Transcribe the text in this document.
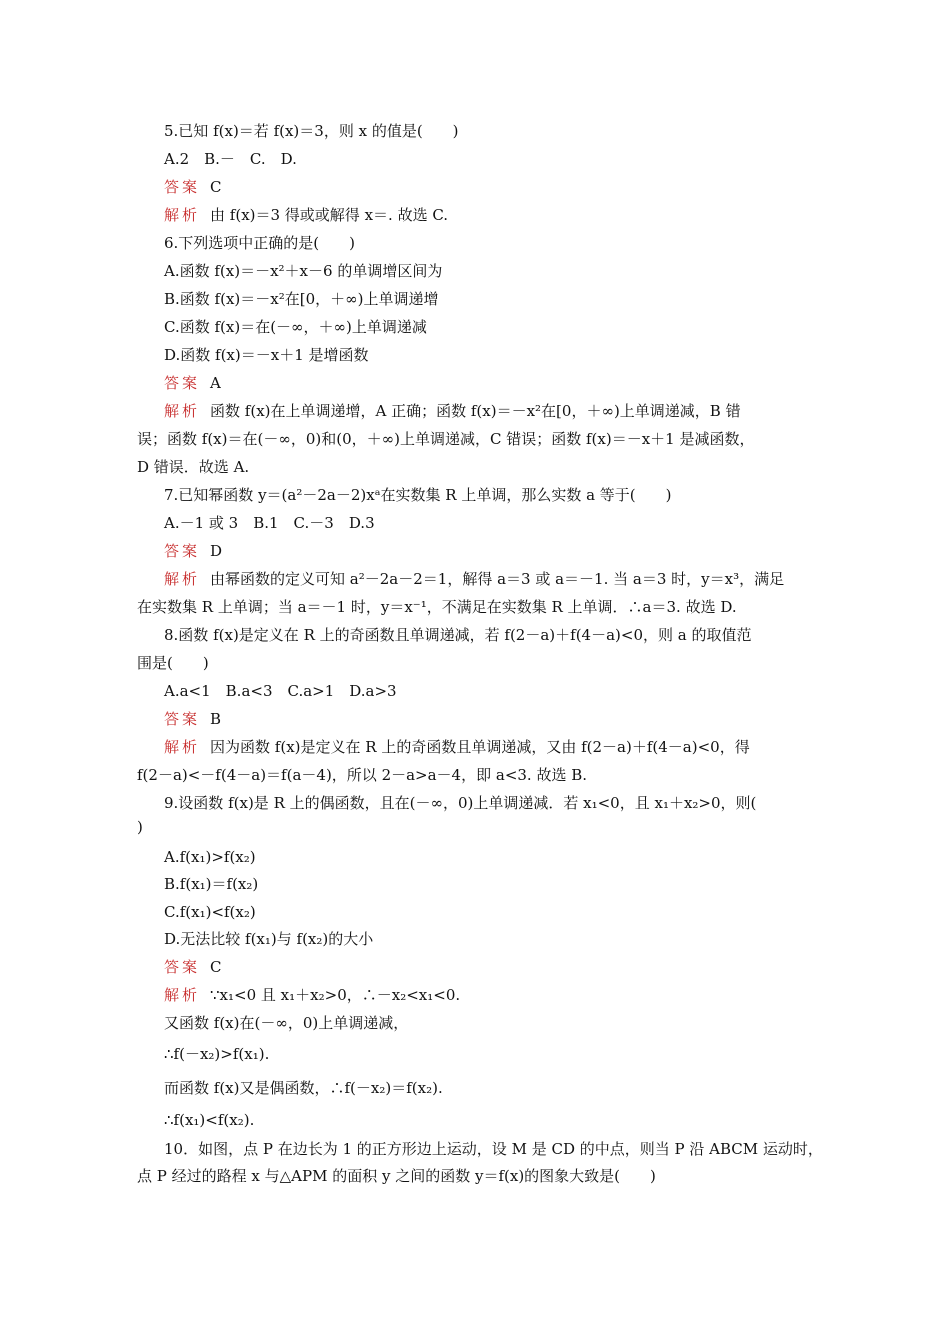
5.已知 f(x)＝若 f(x)＝3，则 x 的值是(　　)
A.2　B.－　C.　D.
答案 C
解析 由 f(x)＝3 得或或解得 x＝. 故选 C.
6.下列选项中正确的是(　　)
A.函数 f(x)＝－x²＋x－6 的单调增区间为
B.函数 f(x)＝－x²在[0，＋∞)上单调递增
C.函数 f(x)＝在(－∞，＋∞)上单调递减
D.函数 f(x)＝－x＋1 是增函数
答案 A
解析 函数 f(x)在上单调递增，A 正确；函数 f(x)＝－x²在[0，＋∞)上单调递减，B 错
误；函数 f(x)＝在(－∞，0)和(0，＋∞)上单调递减，C 错误；函数 f(x)＝－x＋1 是减函数，
D 错误．故选 A.
7.已知幂函数 y＝(a²－2a－2)xᵃ在实数集 R 上单调，那么实数 a 等于(　　)
A.－1 或 3　B.1　C.－3　D.3
答案 D
解析 由幂函数的定义可知 a²－2a－2＝1，解得 a＝3 或 a＝－1. 当 a＝3 时，y＝x³，满足
在实数集 R 上单调；当 a＝－1 时，y＝x⁻¹，不满足在实数集 R 上单调．∴a＝3. 故选 D.
8.函数 f(x)是定义在 R 上的奇函数且单调递减，若 f(2－a)＋f(4－a)<0，则 a 的取值范
围是(　　)
A.a<1　B.a<3　C.a>1　D.a>3
答案 B
解析 因为函数 f(x)是定义在 R 上的奇函数且单调递减，又由 f(2－a)＋f(4－a)<0，得
f(2－a)<－f(4－a)＝f(a－4)，所以 2－a>a－4，即 a<3. 故选 B.
9.设函数 f(x)是 R 上的偶函数，且在(－∞，0)上单调递减．若 x₁<0，且 x₁＋x₂>0，则(
)
A.f(x₁)>f(x₂)
B.f(x₁)＝f(x₂)
C.f(x₁)<f(x₂)
D.无法比较 f(x₁)与 f(x₂)的大小
答案 C
解析 ∵x₁<0 且 x₁＋x₂>0，∴－x₂<x₁<0.
又函数 f(x)在(－∞，0)上单调递减，
∴f(－x₂)>f(x₁).
而函数 f(x)又是偶函数，∴f(－x₂)＝f(x₂).
∴f(x₁)<f(x₂).
10．如图，点 P 在边长为 1 的正方形边上运动，设 M 是 CD 的中点，则当 P 沿 ABCM 运动时，
点 P 经过的路程 x 与△APM 的面积 y 之间的函数 y＝f(x)的图象大致是(　　)
